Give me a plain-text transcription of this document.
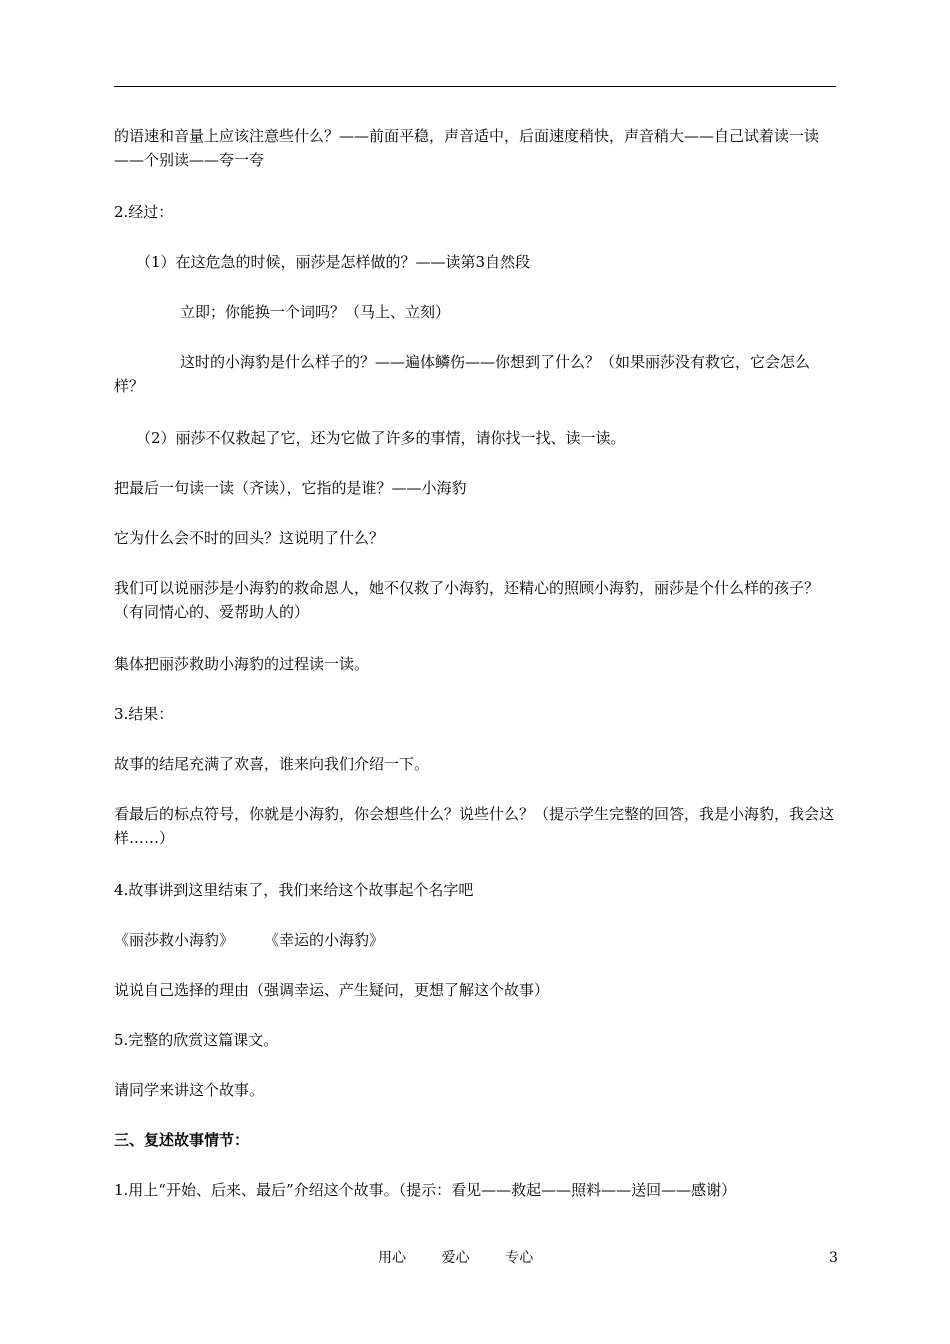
的语速和音量上应该注意些什么？——前面平稳，声音适中，后面速度稍快，声音稍大——自己试着读一读——个别读——夸一夸

2.经过：

（1）在这危急的时候，丽莎是怎样做的？——读第3自然段

立即；你能换一个词吗？（马上、立刻）

这时的小海豹是什么样子的？——遍体鳞伤——你想到了什么？（如果丽莎没有救它，它会怎么样？

（2）丽莎不仅救起了它，还为它做了许多的事情，请你找一找、读一读。

把最后一句读一读（齐读），它指的是谁？——小海豹

它为什么会不时的回头？这说明了什么？

我们可以说丽莎是小海豹的救命恩人，她不仅救了小海豹，还精心的照顾小海豹，丽莎是个什么样的孩子？（有同情心的、爱帮助人的）

集体把丽莎救助小海豹的过程读一读。

3.结果：

故事的结尾充满了欢喜，谁来向我们介绍一下。

看最后的标点符号，你就是小海豹，你会想些什么？说些什么？（提示学生完整的回答，我是小海豹，我会这样……）

4.故事讲到这里结束了，我们来给这个故事起个名字吧

《丽莎救小海豹》 《幸运的小海豹》

说说自己选择的理由（强调幸运、产生疑问，更想了解这个故事）

5.完整的欣赏这篇课文。

请同学来讲这个故事。

三、复述故事情节：

1.用上“开始、后来、最后”介绍这个故事。（提示：看见——救起——照料——送回——感谢）

用心	爱心	专心	3
